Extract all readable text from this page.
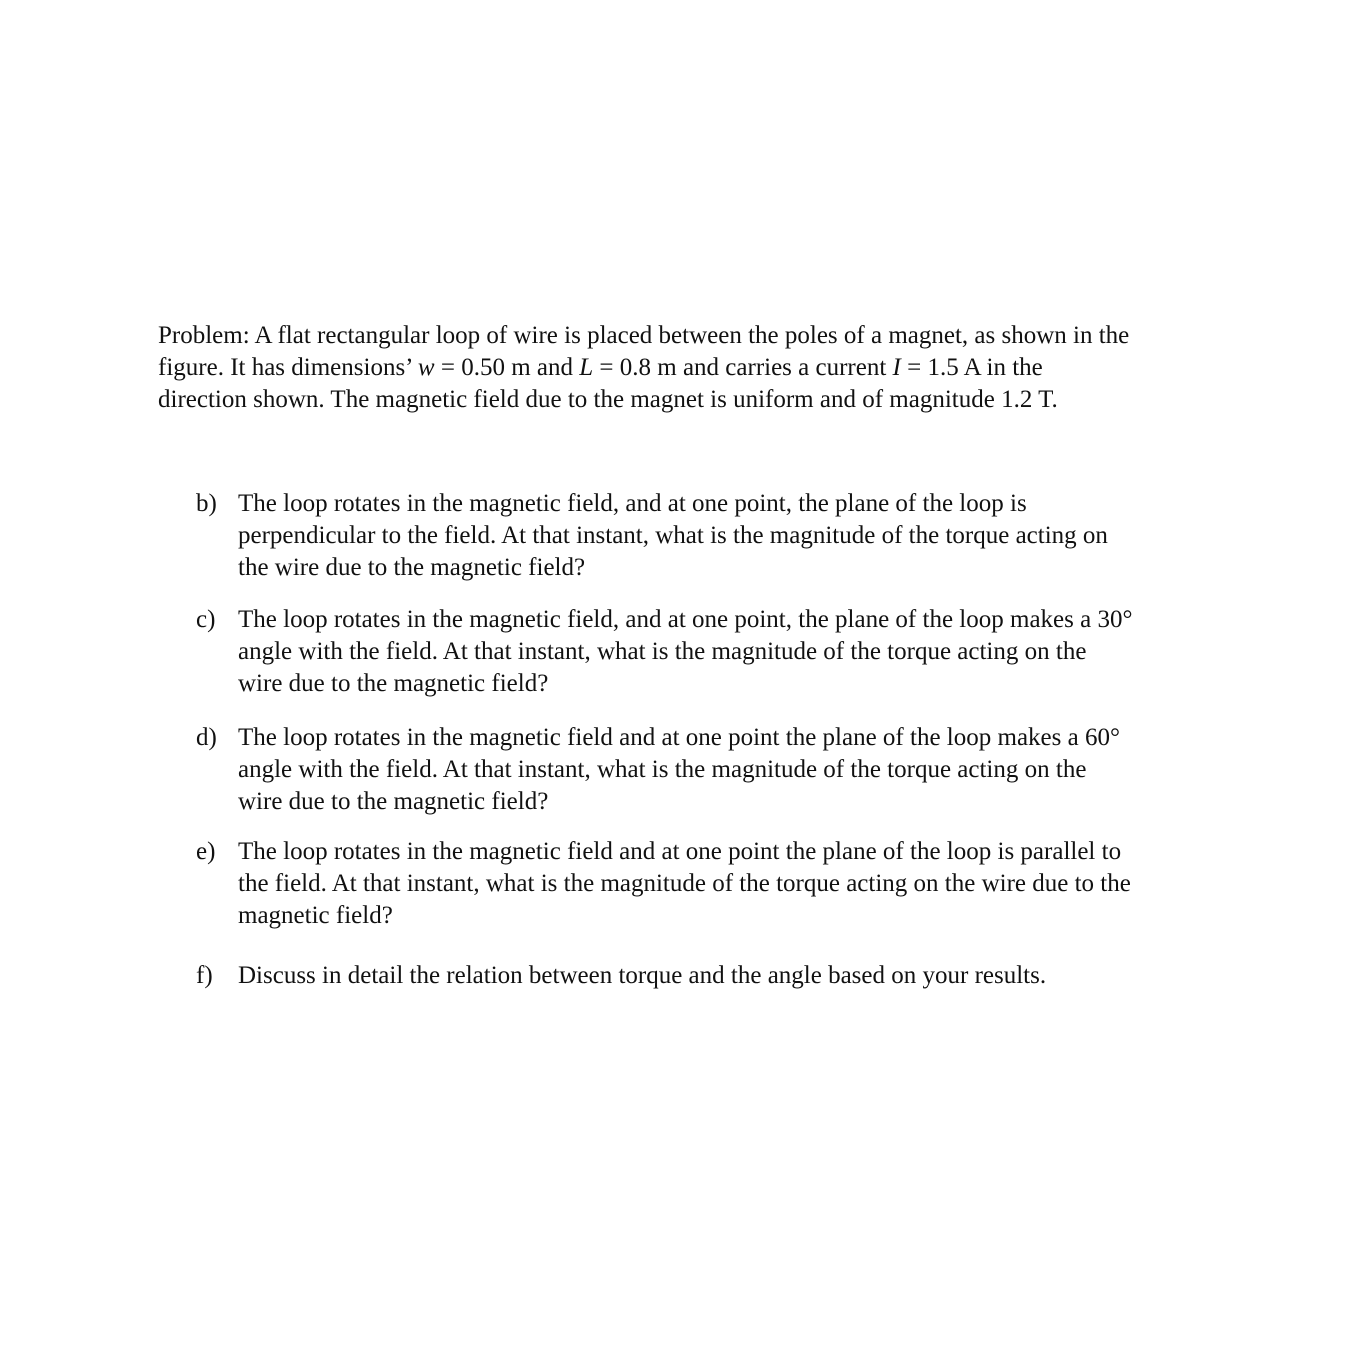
Problem: A flat rectangular loop of wire is placed between the poles of a magnet, as shown in the
figure. It has dimensions’ w = 0.50 m and L = 0.8 m and carries a current I = 1.5 A in the
direction shown. The magnetic field due to the magnet is uniform and of magnitude 1.2 T.

b) The loop rotates in the magnetic field, and at one point, the plane of the loop is
perpendicular to the field. At that instant, what is the magnitude of the torque acting on
the wire due to the magnetic field?
c) The loop rotates in the magnetic field, and at one point, the plane of the loop makes a 30°
angle with the field. At that instant, what is the magnitude of the torque acting on the
wire due to the magnetic field?
d) The loop rotates in the magnetic field and at one point the plane of the loop makes a 60°
angle with the field. At that instant, what is the magnitude of the torque acting on the
wire due to the magnetic field?
e) The loop rotates in the magnetic field and at one point the plane of the loop is parallel to
the field. At that instant, what is the magnitude of the torque acting on the wire due to the
magnetic field?
f)	Discuss in detail the relation between torque and the angle based on your results.
